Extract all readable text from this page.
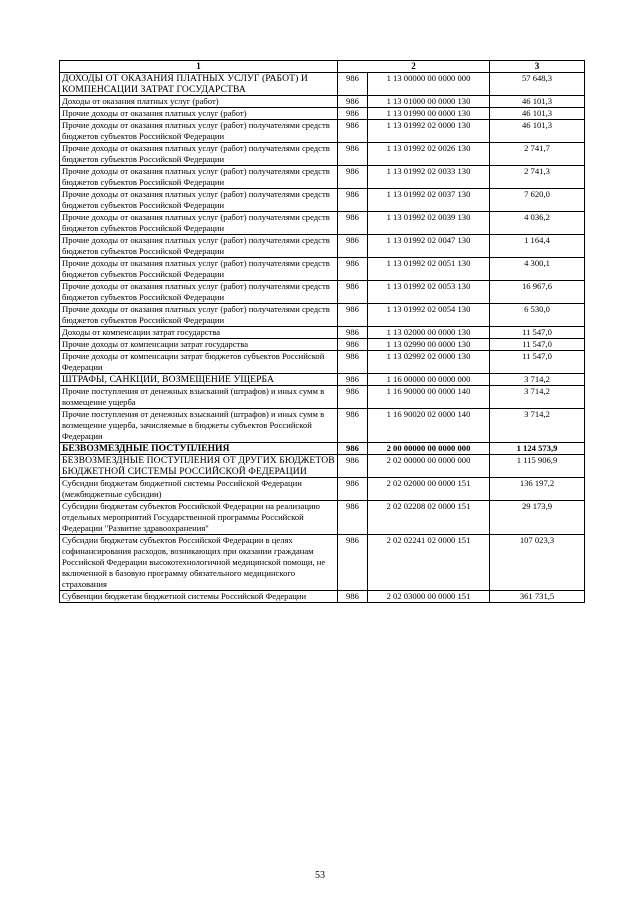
1	2		3
ДОХОДЫ ОТ ОКАЗАНИЯ ПЛАТНЫХ УСЛУГ (РАБОТ) И КОМПЕНСАЦИИ ЗАТРАТ ГОСУДАРСТВА	986	1 13 00000 00 0000 000	57 648,3
Доходы от оказания платных услуг (работ)	986	1 13 01000 00 0000 130	46 101,3
Прочие доходы от оказания платных услуг (работ)	986	1 13 01990 00 0000 130	46 101,3
Прочие доходы от оказания платных услуг (работ) получателями средств бюджетов субъектов Российской Федерации	986	1 13 01992 02 0000 130	46 101,3
Прочие доходы от оказания платных услуг (работ) получателями средств бюджетов субъектов Российской Федерации	986	1 13 01992 02 0026 130	2 741,7
Прочие доходы от оказания платных услуг (работ) получателями средств бюджетов субъектов Российской Федерации	986	1 13 01992 02 0033 130	2 741,3
Прочие доходы от оказания платных услуг (работ) получателями средств бюджетов субъектов Российской Федерации	986	1 13 01992 02 0037 130	7 620,0
Прочие доходы от оказания платных услуг (работ) получателями средств бюджетов субъектов Российской Федерации	986	1 13 01992 02 0039 130	4 036,2
Прочие доходы от оказания платных услуг (работ) получателями средств бюджетов субъектов Российской Федерации	986	1 13 01992 02 0047 130	1 164,4
Прочие доходы от оказания платных услуг (работ) получателями средств бюджетов субъектов Российской Федерации	986	1 13 01992 02 0051 130	4 300,1
Прочие доходы от оказания платных услуг (работ) получателями средств бюджетов субъектов Российской Федерации	986	1 13 01992 02 0053 130	16 967,6
Прочие доходы от оказания платных услуг (работ) получателями средств бюджетов субъектов Российской Федерации	986	1 13 01992 02 0054 130	6 530,0
Доходы от компенсации затрат государства	986	1 13 02000 00 0000 130	11 547,0
Прочие доходы от компенсации затрат государства	986	1 13 02990 00 0000 130	11 547,0
Прочие доходы от компенсации затрат бюджетов субъектов Российской Федерации	986	1 13 02992 02 0000 130	11 547,0
ШТРАФЫ, САНКЦИИ, ВОЗМЕЩЕНИЕ УЩЕРБА	986	1 16 00000 00 0000 000	3 714,2
Прочие поступления от денежных взысканий (штрафов) и иных сумм в возмещение ущерба	986	1 16 90000 00 0000 140	3 714,2
Прочие поступления от денежных взысканий (штрафов) и иных сумм в возмещение ущерба, зачисляемые в бюджеты субъектов Российской Федерации	986	1 16 90020 02 0000 140	3 714,2
БЕЗВОЗМЕЗДНЫЕ ПОСТУПЛЕНИЯ	986	2 00 00000 00 0000 000	1 124 573,9
БЕЗВОЗМЕЗДНЫЕ ПОСТУПЛЕНИЯ ОТ ДРУГИХ БЮДЖЕТОВ БЮДЖЕТНОЙ СИСТЕМЫ РОССИЙСКОЙ ФЕДЕРАЦИИ	986	2 02 00000 00 0000 000	1 115 906,9
Субсидии бюджетам бюджетной системы Российской Федерации (межбюджетные субсидии)	986	2 02 02000 00 0000 151	136 197,2
Субсидии бюджетам субъектов Российской Федерации на реализацию отдельных мероприятий Государственной программы Российской Федерации "Развитие здравоохранения"	986	2 02 02208 02 0000 151	29 173,9
Субсидии бюджетам субъектов Российской Федерации в целях софинансирования расходов, возникающих при оказании гражданам Российской Федерации высокотехнологичной медицинской помощи, не включенной в базовую программу обязательного медицинского страхования	986	2 02 02241 02 0000 151	107 023,3
Субвенции бюджетам бюджетной системы Российской Федерации	986	2 02 03000 00 0000 151	361 731,5
53
